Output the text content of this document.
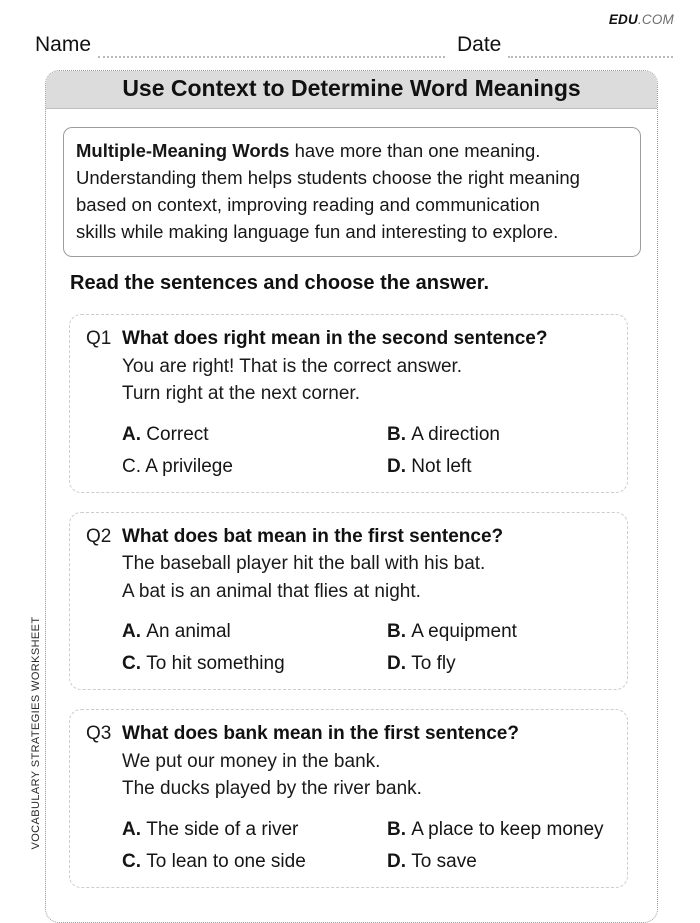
EDU.COM
Name	Date
Use Context to Determine Word Meanings
Multiple-Meaning Words have more than one meaning.
Understanding them helps students choose the right meaning
based on context, improving reading and communication
skills while making language fun and interesting to explore.
Read the sentences and choose the answer.
Q1 What does right mean in the second sentence?
You are right! That is the correct answer.
Turn right at the next corner.
A. Correct	B. A direction
C. A privilege	D. Not left
Q2 What does bat mean in the first sentence?
The baseball player hit the ball with his bat.
A bat is an animal that flies at night.
A. An animal	B. A equipment
C. To hit something	D. To fly
Q3 What does bank mean in the first sentence?
We put our money in the bank.
The ducks played by the river bank.
A. The side of a river	B. A place to keep money
C. To lean to one side	D. To save
VOCABULARY STRATEGIES WORKSHEET
